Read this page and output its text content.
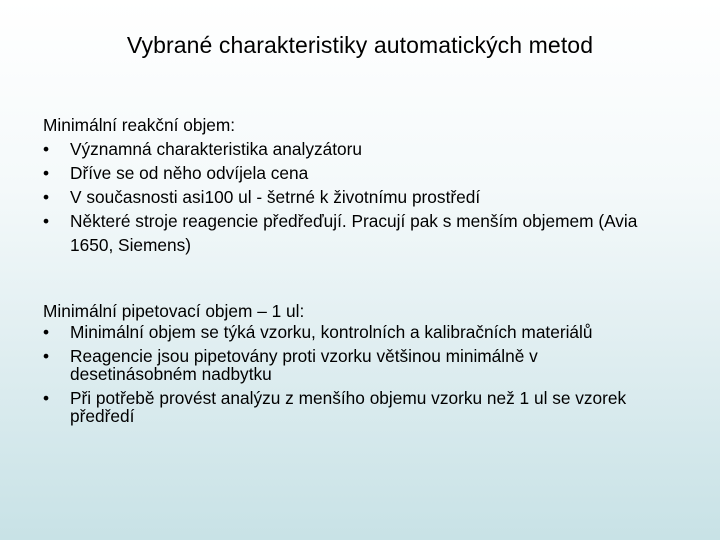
Vybrané charakteristiky automatických metod
Minimální reakční objem:
• Významná charakteristika analyzátoru
• Dříve se od něho odvíjela cena
• V současnosti asi100 ul - šetrné k životnímu prostředí
• Některé stroje reagencie předřeďují. Pracují pak s menším objemem (Avia 1650, Siemens)
Minimální pipetovací objem – 1 ul:
• Minimální objem se týká vzorku, kontrolních a kalibračních materiálů
• Reagencie jsou pipetovány proti vzorku většinou minimálně v desetinásobném nadbytku
• Při potřebě provést analýzu z menšího objemu vzorku než 1 ul se vzorek předředí
